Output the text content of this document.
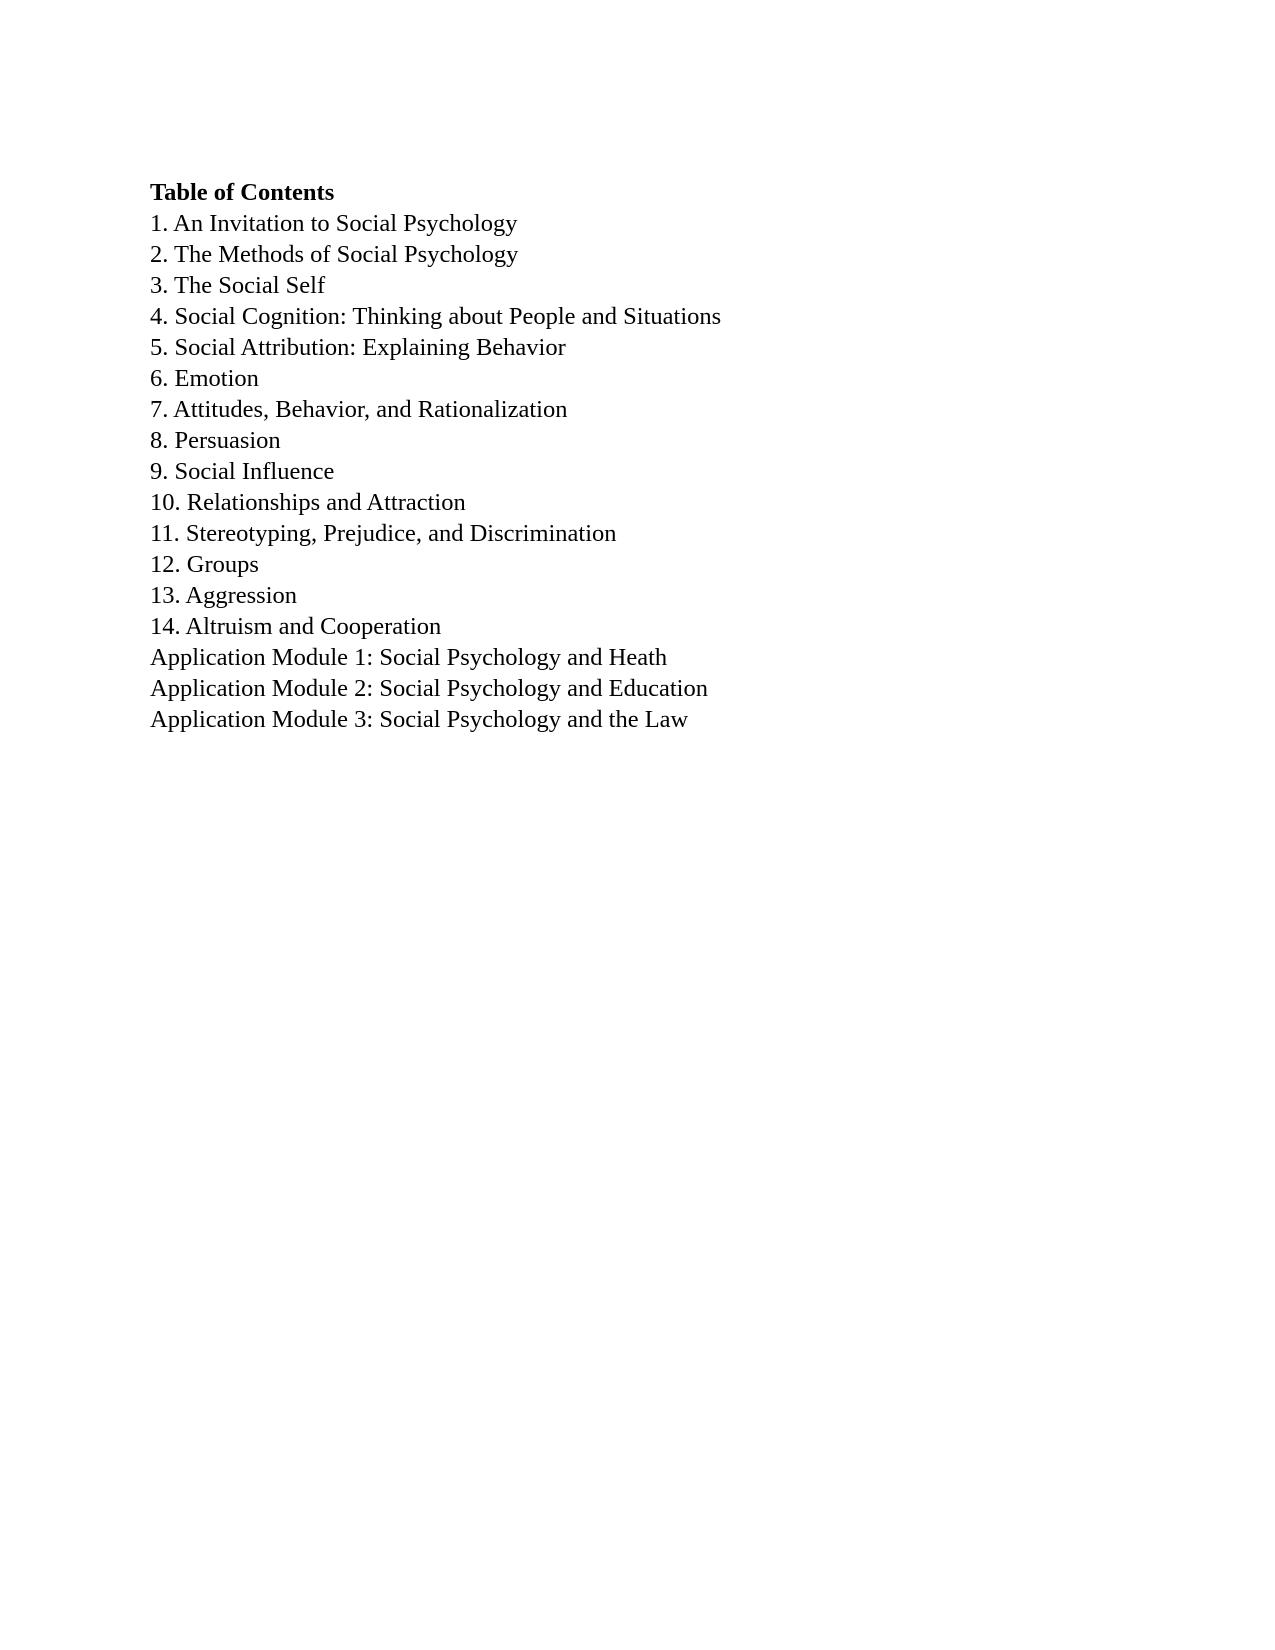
Table of Contents
1. An Invitation to Social Psychology
2. The Methods of Social Psychology
3. The Social Self
4. Social Cognition: Thinking about People and Situations
5. Social Attribution: Explaining Behavior
6. Emotion
7. Attitudes, Behavior, and Rationalization
8. Persuasion
9. Social Influence
10. Relationships and Attraction
11. Stereotyping, Prejudice, and Discrimination
12. Groups
13. Aggression
14. Altruism and Cooperation
Application Module 1: Social Psychology and Heath
Application Module 2: Social Psychology and Education
Application Module 3: Social Psychology and the Law
